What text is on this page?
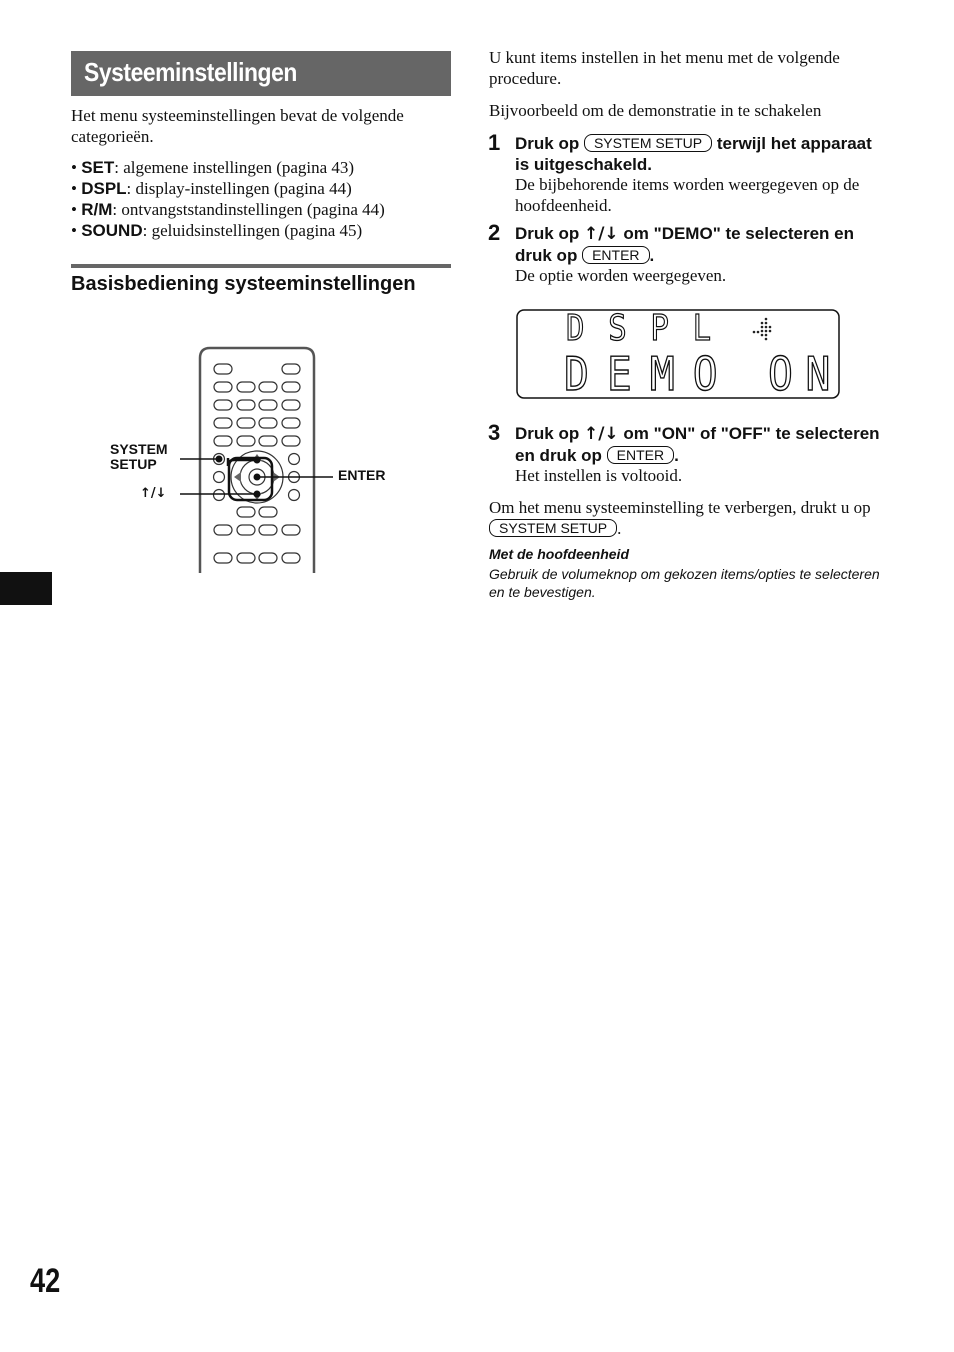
Systeeminstellingen
Het menu systeeminstellingen bevat de volgende categorieën.
• SET: algemene instellingen (pagina 43)
• DSPL: display-instellingen (pagina 44)
• R/M: ontvangststandinstellingen (pagina 44)
• SOUND: geluidsinstellingen (pagina 45)
Basisbediening systeeminstellingen
SYSTEM
SETUP
↑/↓
ENTER
42
U kunt items instellen in het menu met de volgende procedure.
Bijvoorbeeld om de demonstratie in te schakelen
1 Druk op SYSTEM SETUP terwijl het apparaat is uitgeschakeld.
De bijbehorende items worden weergegeven op de hoofdeenheid.
2 Druk op ↑/↓ om "DEMO" te selecteren en druk op ENTER .
De optie worden weergegeven.
DSPL
DEMO ON
3 Druk op ↑/↓ om "ON" of "OFF" te selecteren en druk op ENTER .
Het instellen is voltooid.
Om het menu systeeminstelling te verbergen, drukt u op SYSTEM SETUP .
Met de hoofdeenheid
Gebruik de volumeknop om gekozen items/opties te selecteren en te bevestigen.
